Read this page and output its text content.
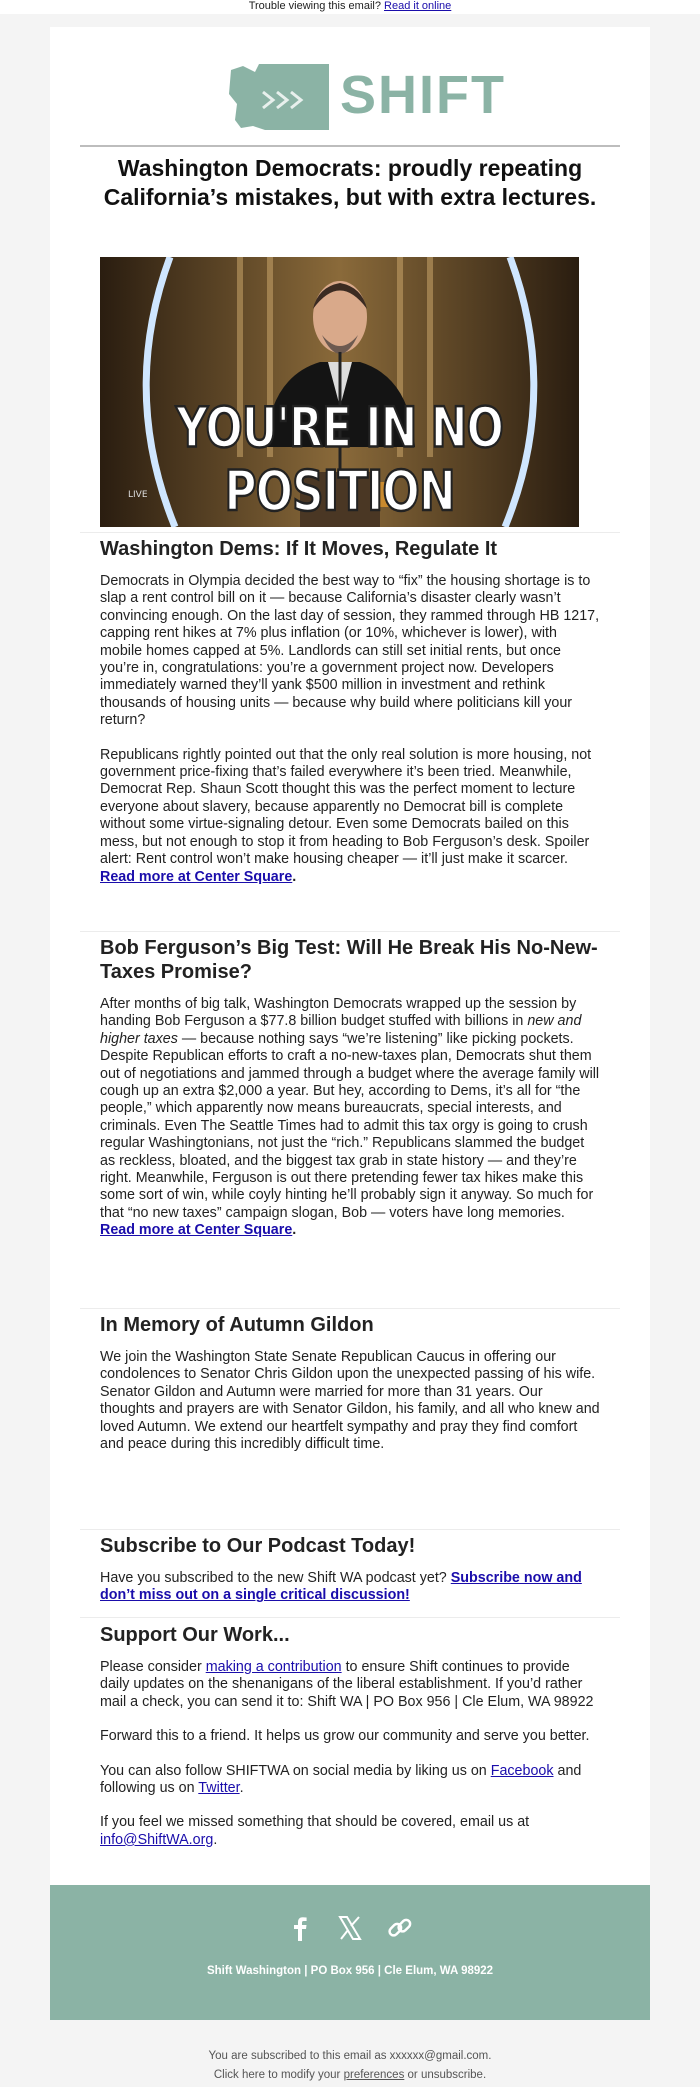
Trouble viewing this email? Read it online
SHIFT
Washington Democrats: proudly repeating California’s mistakes, but with extra lectures.
LIVE
YOU'RE IN NO POSITION
Washington Dems: If It Moves, Regulate It

Democrats in Olympia decided the best way to “fix” the housing shortage is to slap a rent control bill on it — because California’s disaster clearly wasn’t convincing enough. On the last day of session, they rammed through HB 1217, capping rent hikes at 7% plus inflation (or 10%, whichever is lower), with mobile homes capped at 5%. Landlords can still set initial rents, but once you’re in, congratulations: you’re a government project now. Developers immediately warned they’ll yank $500 million in investment and rethink thousands of housing units — because why build where politicians kill your return?

Republicans rightly pointed out that the only real solution is more housing, not government price-fixing that’s failed everywhere it’s been tried. Meanwhile, Democrat Rep. Shaun Scott thought this was the perfect moment to lecture everyone about slavery, because apparently no Democrat bill is complete without some virtue-signaling detour. Even some Democrats bailed on this mess, but not enough to stop it from heading to Bob Ferguson’s desk. Spoiler alert: Rent control won’t make housing cheaper — it’ll just make it scarcer. Read more at Center Square.

Bob Ferguson’s Big Test: Will He Break His No-New-Taxes Promise?

After months of big talk, Washington Democrats wrapped up the session by handing Bob Ferguson a $77.8 billion budget stuffed with billions in new and higher taxes — because nothing says “we’re listening” like picking pockets. Despite Republican efforts to craft a no-new-taxes plan, Democrats shut them out of negotiations and jammed through a budget where the average family will cough up an extra $2,000 a year. But hey, according to Dems, it’s all for “the people,” which apparently now means bureaucrats, special interests, and criminals. Even The Seattle Times had to admit this tax orgy is going to crush regular Washingtonians, not just the “rich.” Republicans slammed the budget as reckless, bloated, and the biggest tax grab in state history — and they’re right. Meanwhile, Ferguson is out there pretending fewer tax hikes make this some sort of win, while coyly hinting he’ll probably sign it anyway. So much for that “no new taxes” campaign slogan, Bob — voters have long memories. Read more at Center Square.

In Memory of Autumn Gildon

We join the Washington State Senate Republican Caucus in offering our condolences to Senator Chris Gildon upon the unexpected passing of his wife. Senator Gildon and Autumn were married for more than 31 years. Our thoughts and prayers are with Senator Gildon, his family, and all who knew and loved Autumn. We extend our heartfelt sympathy and pray they find comfort and peace during this incredibly difficult time.

Subscribe to Our Podcast Today!

Have you subscribed to the new Shift WA podcast yet? Subscribe now and don’t miss out on a single critical discussion!

Support Our Work...

Please consider making a contribution to ensure Shift continues to provide daily updates on the shenanigans of the liberal establishment. If you’d rather mail a check, you can send it to: Shift WA | PO Box 956 | Cle Elum, WA 98922

Forward this to a friend. It helps us grow our community and serve you better.

You can also follow SHIFTWA on social media by liking us on Facebook and following us on Twitter.

If you feel we missed something that should be covered, email us at info@ShiftWA.org.

Shift Washington | PO Box 956 | Cle Elum, WA 98922
You are subscribed to this email as xxxxxx@gmail.com.
Click here to modify your preferences or unsubscribe.
